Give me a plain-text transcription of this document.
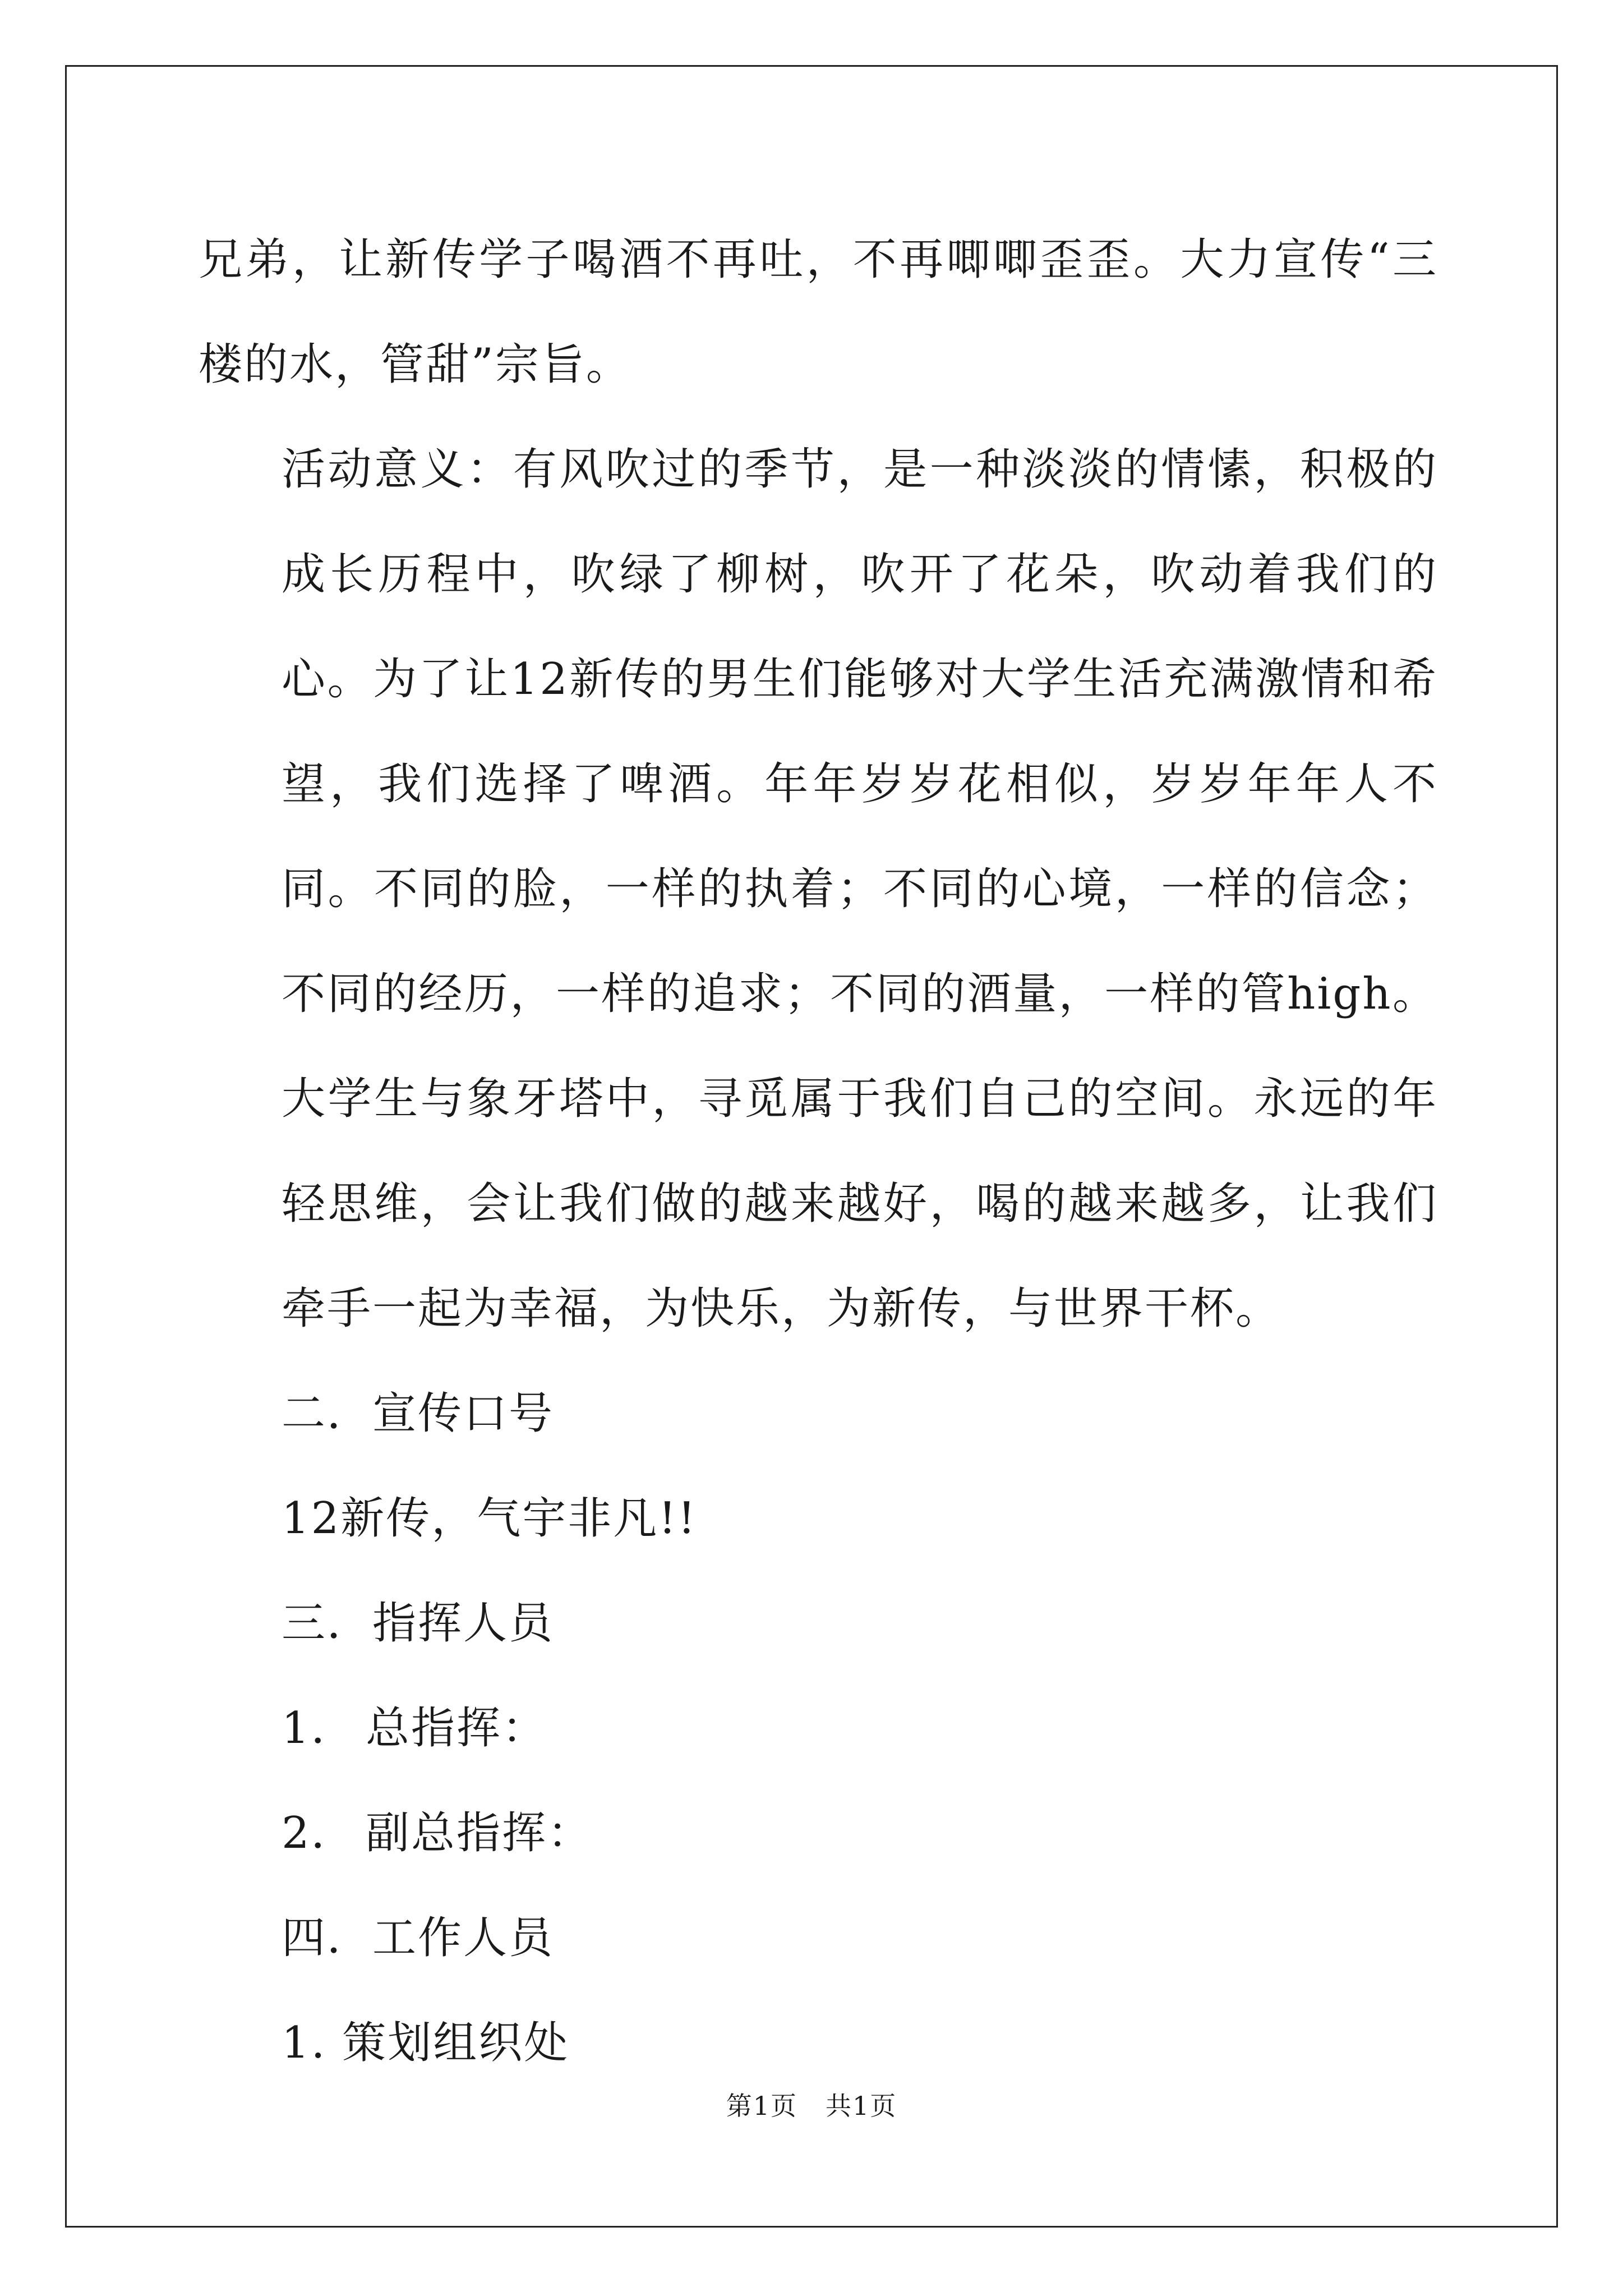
兄弟，让新传学子喝酒不再吐，不再唧唧歪歪。大力宣传“三楼的水，管甜”宗旨。

活动意义：有风吹过的季节，是一种淡淡的情愫，积极的成长历程中，吹绿了柳树，吹开了花朵，吹动着我们的心。为了让12新传的男生们能够对大学生活充满激情和希望，我们选择了啤酒。年年岁岁花相似，岁岁年年人不同。不同的脸，一样的执着；不同的心境，一样的信念；不同的经历，一样的追求；不同的酒量，一样的管high。大学生与象牙塔中，寻觅属于我们自己的空间。永远的年轻思维，会让我们做的越来越好，喝的越来越多，让我们牵手一起为幸福，为快乐，为新传，与世界干杯。

二．宣传口号

12新传，气宇非凡!!

三．指挥人员

1． 总指挥：

2． 副总指挥：

四．工作人员

1. 策划组织处

第1页 共1页
